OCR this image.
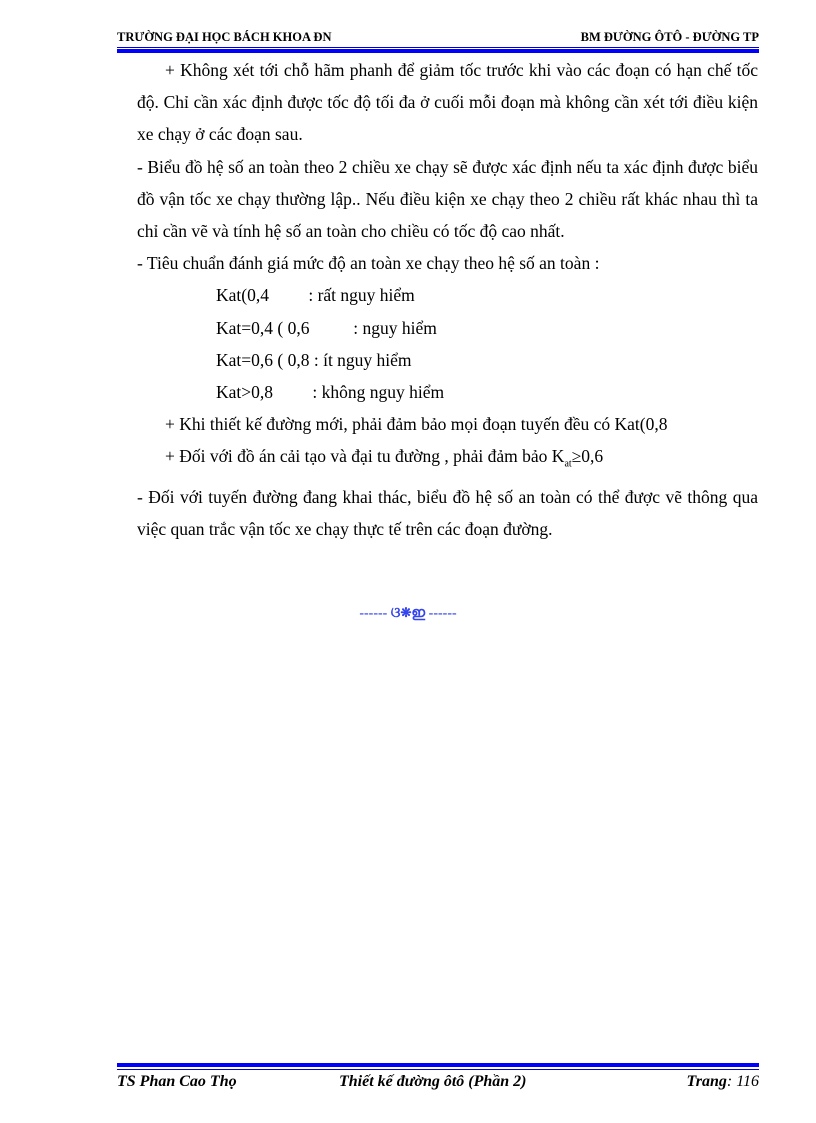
TRƯỜNG ĐẠI HỌC BÁCH KHOA ĐN	BM ĐƯỜNG ÔTÔ - ĐƯỜNG TP

+ Không xét tới chỗ hãm phanh để giảm tốc trước khi vào các đoạn có hạn chế tốc độ. Chỉ cần xác định được tốc độ tối đa ở cuối mỗi đoạn mà không cần xét tới điều kiện xe chạy ở các đoạn sau.

- Biểu đồ hệ số an toàn theo 2 chiều xe chạy sẽ được xác định nếu ta xác định được biểu đồ vận tốc xe chạy thường lập.. Nếu điều kiện xe chạy theo 2 chiều rất khác nhau thì ta chỉ cần vẽ và tính hệ số an toàn cho chiều có tốc độ cao nhất.

- Tiêu chuẩn đánh giá mức độ an toàn xe chạy theo hệ số an toàn :

Kat(0,4         : rất nguy hiểm
Kat=0,4 ( 0,6          : nguy hiểm
Kat=0,6 ( 0,8 : ít nguy hiểm
Kat>0,8         : không nguy hiểm

+ Khi thiết kế đường mới, phải đảm bảo mọi đoạn tuyến đều có Kat(0,8

+ Đối với đồ án cải tạo và đại tu đường , phải đảm bảo $K_{at}\ge 0,6$

- Đối với tuyến đường đang khai thác, biểu đồ hệ số an toàn có thể được vẽ thông qua việc quan trắc vận tốc xe chạy thực tế trên các đoạn đường.

------ ଓ❋ഇ ------
TS Phan Cao Thọ	Thiết kế đường ôtô (Phần 2)	Trang: 116
